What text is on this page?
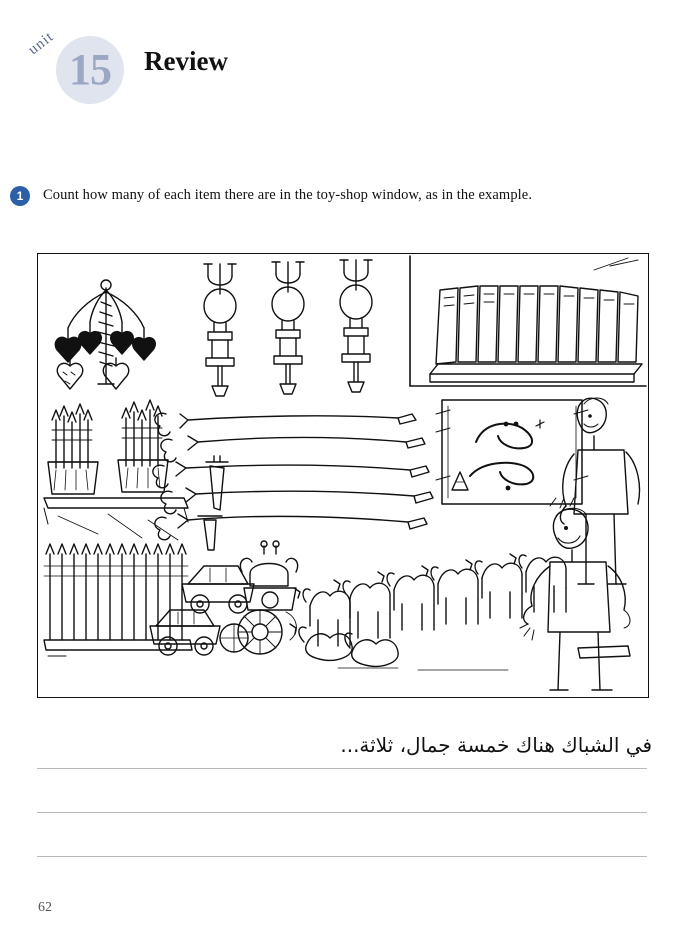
15
unit
Review
1	Count how many of each item there are in the toy-shop window, as in the example.
في الشباك هناك خمسة جمال، ثلاثة...
62
